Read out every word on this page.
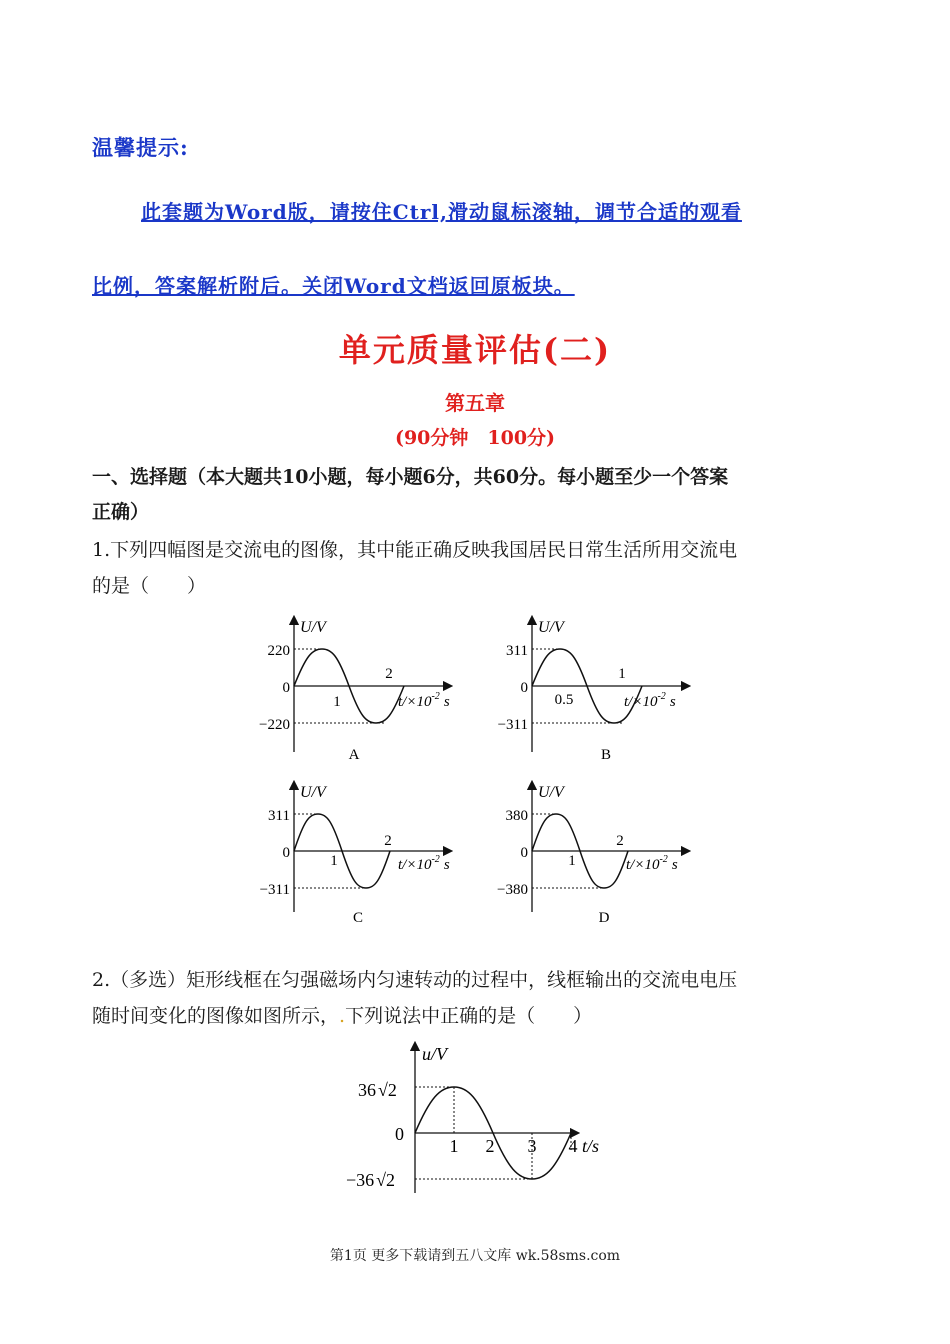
温馨提示:
此套题为Word版，请按住Ctrl,滑动鼠标滚轴，调节合适的观看
比例，答案解析附后。关闭Word文档返回原板块。
单元质量评估(二)
第五章
(90分钟　100分)
一、选择题（本大题共10小题，每小题6分，共60分。每小题至少一个答案
正确）
1.下列四幅图是交流电的图像，其中能正确反映我国居民日常生活所用交流电
的是（　　）
U/V
220
0
−220
1
2
$t/\times 10^{-2}$ s
A
U/V
311
0
−311
0.5
1
$t/\times 10^{-2}$ s
B
U/V
311
0
−311
1
2
$t/\times 10^{-2}$ s
C
U/V
380
0
−380
1
2
$t/\times 10^{-2}$ s
D
2.（多选）矩形线框在匀强磁场内匀速转动的过程中，线框输出的交流电电压
随时间变化的图像如图所示，.下列说法中正确的是（　　）
u/V
36 √2
0
−36 √2
1 2 3 4 t/s
第1页 更多下载请到五八文库 wk.58sms.com
